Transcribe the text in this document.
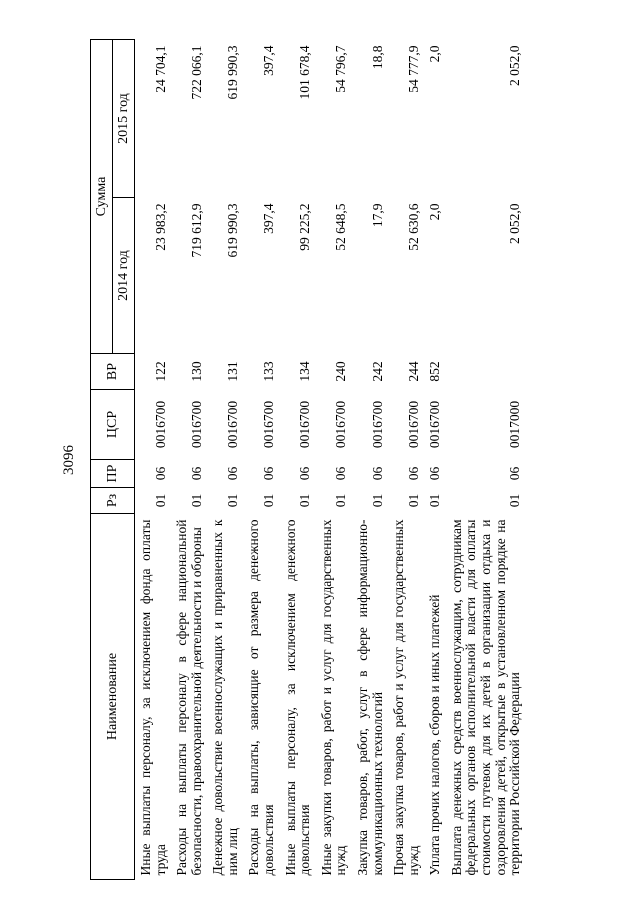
3096
Наименование	Рз	ПР	ЦСР	ВР	Сумма	
					2014 год	2015 год
Иные выплаты персоналу, за исключением фонда оплаты труда	01	06	0016700	122	23 983,2	24 704,1
Расходы на выплаты персоналу в сфере национальной безопасности, правоохранительной деятельности и обороны	01	06	0016700	130	719 612,9	722 066,1
Денежное довольствие военнослужащих и приравненных к ним лиц	01	06	0016700	131	619 990,3	619 990,3
Расходы на выплаты, зависящие от размера денежного довольствия	01	06	0016700	133	397,4	397,4
Иные выплаты персоналу, за исключением денежного довольствия	01	06	0016700	134	99 225,2	101 678,4
Иные закупки товаров, работ и услуг для государственных нужд	01	06	0016700	240	52 648,5	54 796,7
Закупка товаров, работ, услуг в сфере информационно-коммуникационных технологий	01	06	0016700	242	17,9	18,8
Прочая закупка товаров, работ и услуг для государственных нужд	01	06	0016700	244	52 630,6	54 777,9
Уплата прочих налогов, сборов и иных платежей	01	06	0016700	852	2,0	2,0
Выплата денежных средств военнослужащим, сотрудникам федеральных органов исполнительной власти для оплаты стоимости путевок для их детей в организации отдыха и оздоровления детей, открытые в установленном порядке на территории Российской Федерации	01	06	0017000		2 052,0	2 052,0
